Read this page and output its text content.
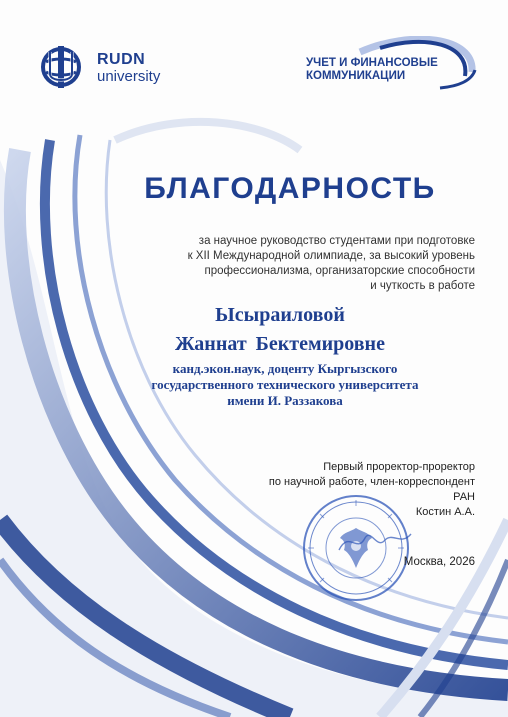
RUDN
university
УЧЕТ И ФИНАНСОВЫЕ
КОММУНИКАЦИИ
БЛАГОДАРНОСТЬ
за научное руководство студентами при подготовке
к XII Международной олимпиаде, за высокий уровень
профессионализма, организаторские способности
и чуткость в работе
Ысыраиловой
Жаннат Бектемировне
канд.экон.наук, доценту Кыргызского
государственного технического университета
имени И. Раззакова
Первый проректор-проректор
по научной работе, член-корреспондент РАН
Костин А.А.
Москва, 2026
